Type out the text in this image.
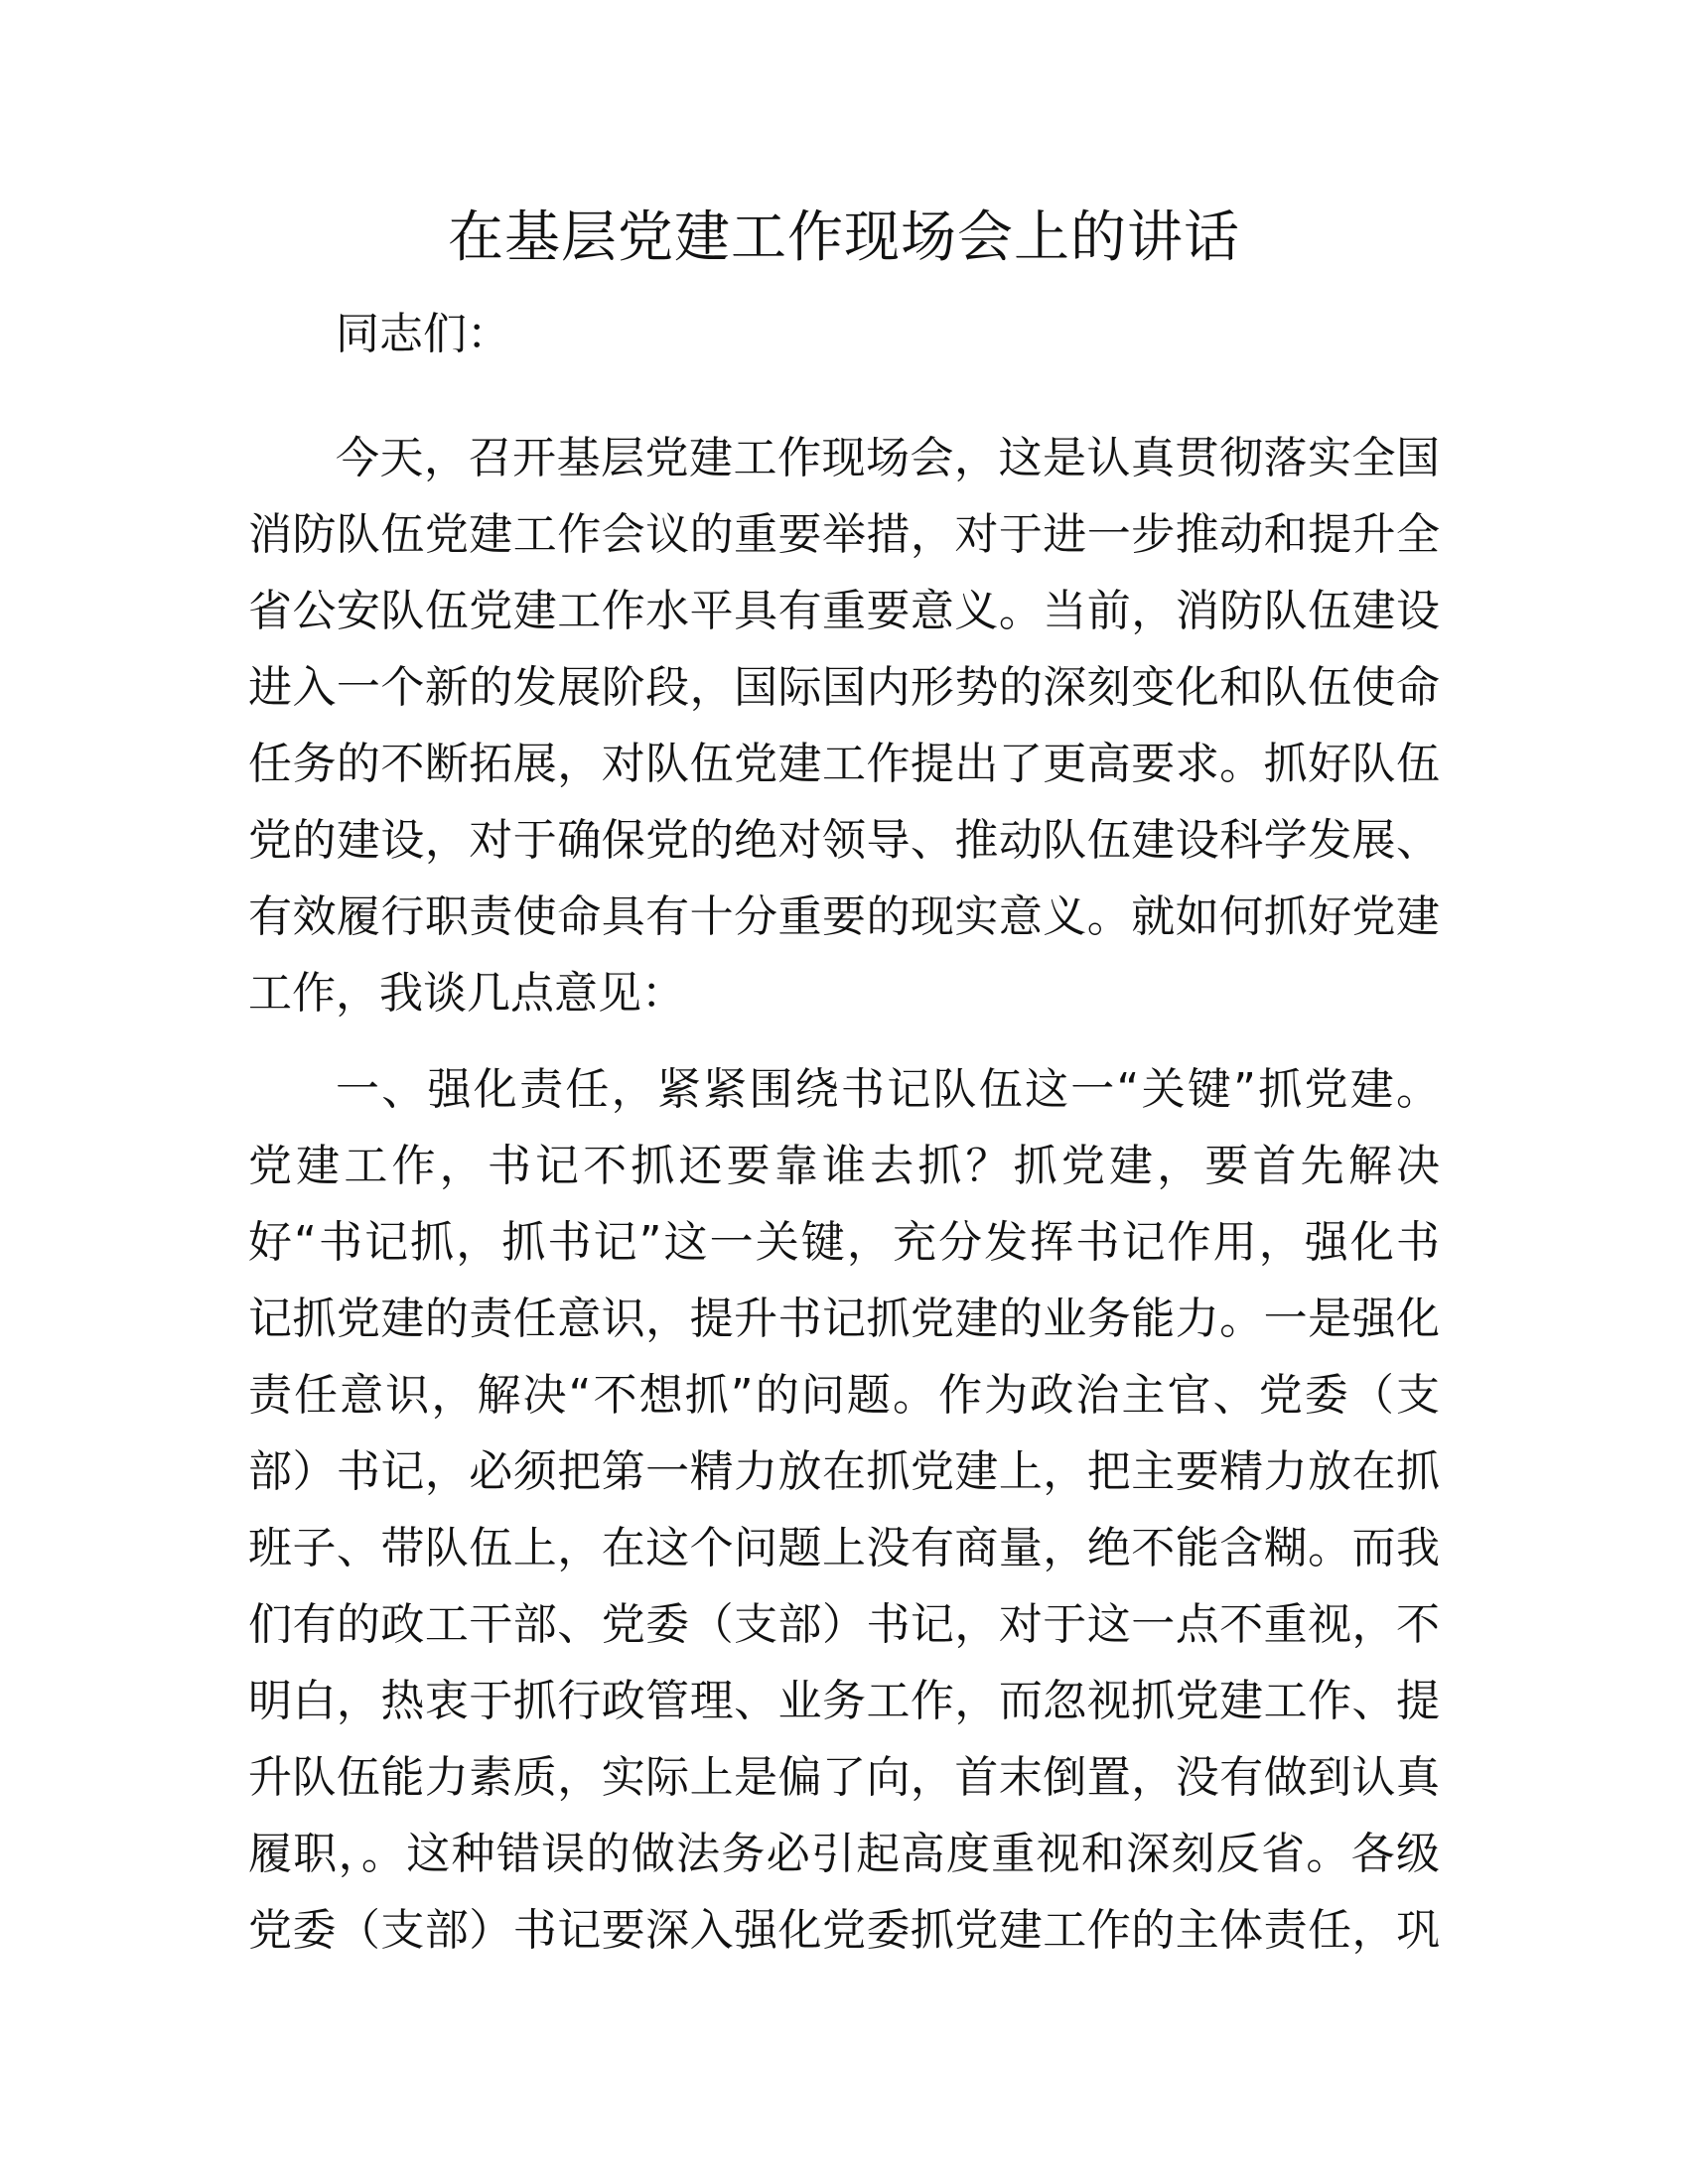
在基层党建工作现场会上的讲话
同志们：
今天，召开基层党建工作现场会，这是认真贯彻落实全国
消防队伍党建工作会议的重要举措，对于进一步推动和提升全
省公安队伍党建工作水平具有重要意义。当前，消防队伍建设
进入一个新的发展阶段，国际国内形势的深刻变化和队伍使命
任务的不断拓展，对队伍党建工作提出了更高要求。抓好队伍
党的建设，对于确保党的绝对领导、推动队伍建设科学发展、
有效履行职责使命具有十分重要的现实意义。就如何抓好党建
工作，我谈几点意见：
一、强化责任，紧紧围绕书记队伍这一“关键”抓党建。
党建工作，书记不抓还要靠谁去抓？抓党建，要首先解决
好“书记抓，抓书记”这一关键，充分发挥书记作用，强化书
记抓党建的责任意识，提升书记抓党建的业务能力。一是强化
责任意识，解决“不想抓”的问题。作为政治主官、党委（支
部）书记，必须把第一精力放在抓党建上，把主要精力放在抓
班子、带队伍上，在这个问题上没有商量，绝不能含糊。而我
们有的政工干部、党委（支部）书记，对于这一点不重视，不
明白，热衷于抓行政管理、业务工作，而忽视抓党建工作、提
升队伍能力素质，实际上是偏了向，首末倒置，没有做到认真
履职，。这种错误的做法务必引起高度重视和深刻反省。各级
党委（支部）书记要深入强化党委抓党建工作的主体责任，巩
